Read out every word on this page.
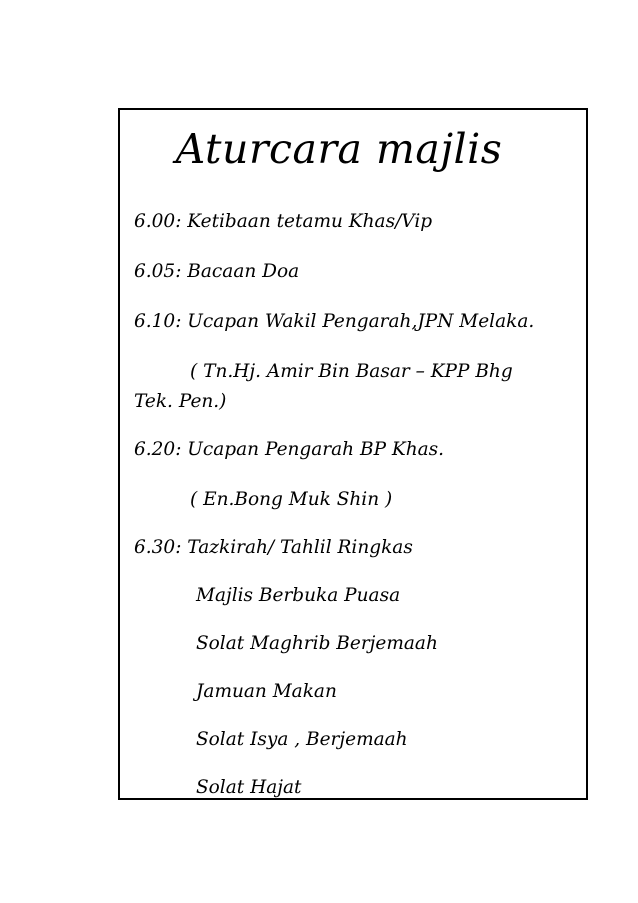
Aturcara majlis
6.00: Ketibaan tetamu Khas/Vip
6.05: Bacaan Doa
6.10: Ucapan Wakil Pengarah,JPN Melaka.
( Tn.Hj. Amir Bin Basar – KPP Bhg
Tek. Pen.)
6.20: Ucapan Pengarah BP Khas.
( En.Bong Muk Shin )
6.30: Tazkirah/ Tahlil Ringkas
Majlis Berbuka Puasa
Solat Maghrib Berjemaah
Jamuan Makan
Solat Isya , Berjemaah
Solat Hajat
